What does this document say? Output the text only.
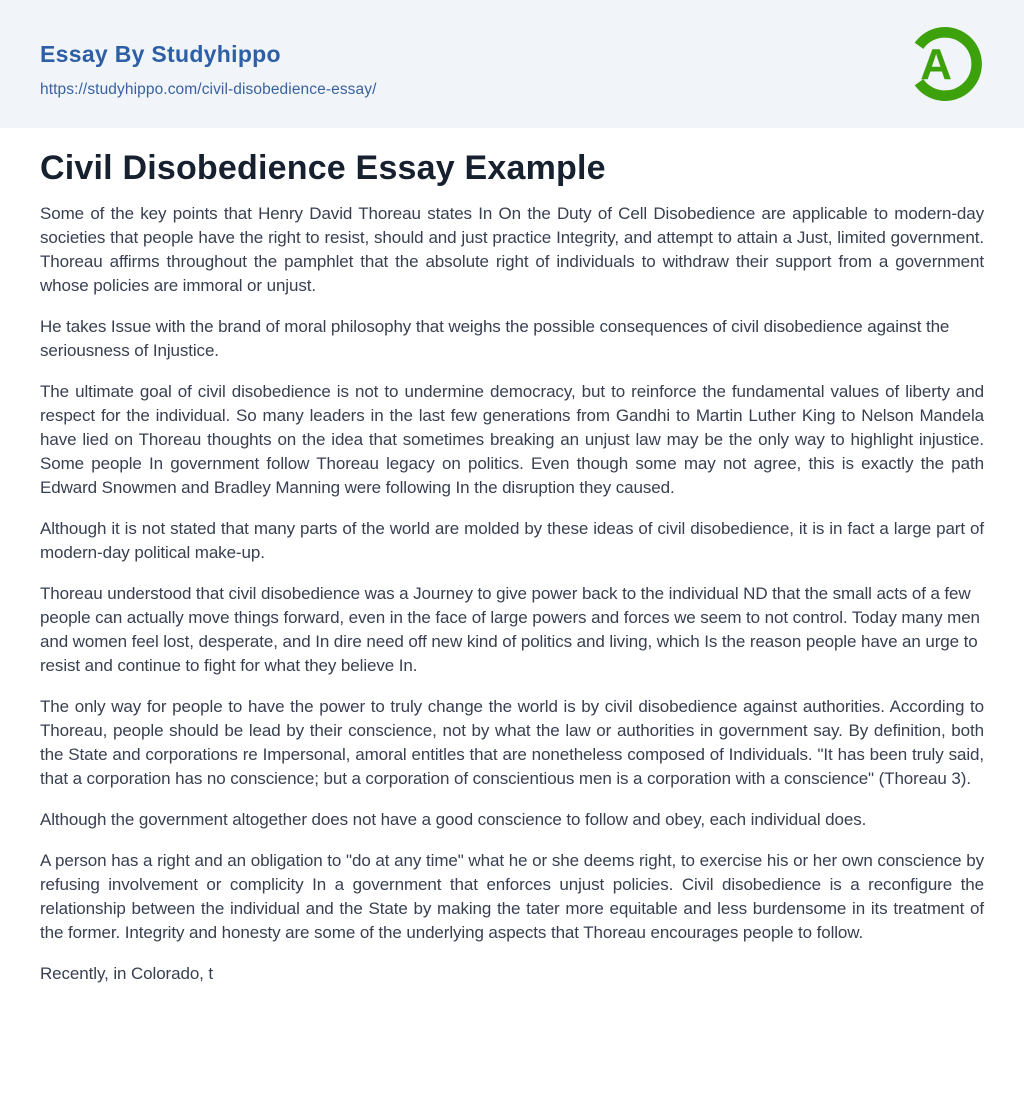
Essay By Studyhippo
https://studyhippo.com/civil-disobedience-essay/
A
Civil Disobedience Essay Example

Some of the key points that Henry David Thoreau states In On the Duty of Cell Disobedience are applicable to modern-day societies that people have the right to resist, should and just practice Integrity, and attempt to attain a Just, limited government. Thoreau affirms throughout the pamphlet that the absolute right of individuals to withdraw their support from a government whose policies are immoral or unjust.

He takes Issue with the brand of moral philosophy that weighs the possible consequences of civil disobedience against the seriousness of Injustice.

The ultimate goal of civil disobedience is not to undermine democracy, but to reinforce the fundamental values of liberty and respect for the individual. So many leaders in the last few generations from Gandhi to Martin Luther King to Nelson Mandela have lied on Thoreau thoughts on the idea that sometimes breaking an unjust law may be the only way to highlight injustice. Some people In government follow Thoreau legacy on politics. Even though some may not agree, this is exactly the path Edward Snowmen and Bradley Manning were following In the disruption they caused.

Although it is not stated that many parts of the world are molded by these ideas of civil disobedience, it is in fact a large part of modern-day political make-up.

Thoreau understood that civil disobedience was a Journey to give power back to the individual ND that the small acts of a few people can actually move things forward, even in the face of large powers and forces we seem to not control. Today many men and women feel lost, desperate, and In dire need off new kind of politics and living, which Is the reason people have an urge to resist and continue to fight for what they believe In.

The only way for people to have the power to truly change the world is by civil disobedience against authorities. According to Thoreau, people should be lead by their conscience, not by what the law or authorities in government say. By definition, both the State and corporations re Impersonal, amoral entitles that are nonetheless composed of Individuals. "It has been truly said, that a corporation has no conscience; but a corporation of conscientious men is a corporation with a conscience" (Thoreau 3).

Although the government altogether does not have a good conscience to follow and obey, each individual does.

A person has a right and an obligation to "do at any time" what he or she deems right, to exercise his or her own conscience by refusing involvement or complicity In a government that enforces unjust policies. Civil disobedience is a reconfigure the relationship between the individual and the State by making the tater more equitable and less burdensome in its treatment of the former. Integrity and honesty are some of the underlying aspects that Thoreau encourages people to follow.

Recently, in Colorado, t
